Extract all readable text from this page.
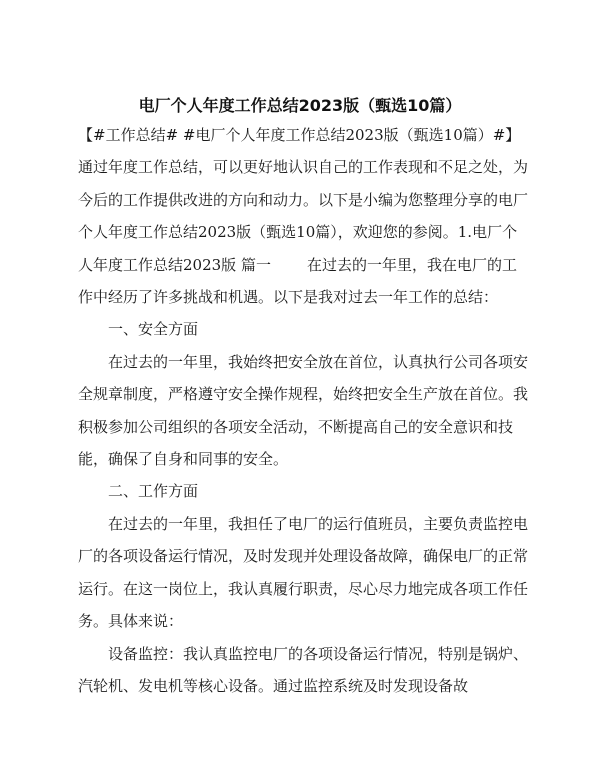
电厂个人年度工作总结2023版（甄选10篇）

【#工作总结# #电厂个人年度工作总结2023版（甄选10篇）#】通过年度工作总结，可以更好地认识自己的工作表现和不足之处，为今后的工作提供改进的方向和动力。以下是小编为您整理分享的电厂个人年度工作总结2023版（甄选10篇），欢迎您的参阅。1.电厂个人年度工作总结2023版 篇一 在过去的一年里，我在电厂的工作中经历了许多挑战和机遇。以下是我对过去一年工作的总结：

一、安全方面

在过去的一年里，我始终把安全放在首位，认真执行公司各项安全规章制度，严格遵守安全操作规程，始终把安全生产放在首位。我积极参加公司组织的各项安全活动，不断提高自己的安全意识和技能，确保了自身和同事的安全。

二、工作方面

在过去的一年里，我担任了电厂的运行值班员，主要负责监控电厂的各项设备运行情况，及时发现并处理设备故障，确保电厂的正常运行。在这一岗位上，我认真履行职责，尽心尽力地完成各项工作任务。具体来说：

设备监控：我认真监控电厂的各项设备运行情况，特别是锅炉、汽轮机、发电机等核心设备。通过监控系统及时发现设备故
